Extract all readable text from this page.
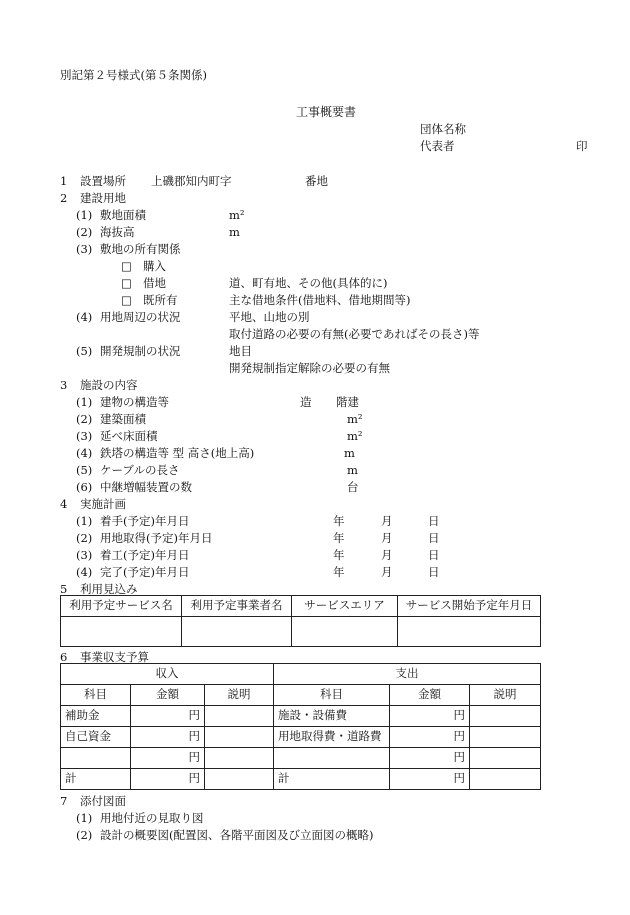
別記第２号様式(第５条関係)
工事概要書
団体名称
代表者	印
1 設置場所 上磯郡知内町字	番地
2 建設用地
(1) 敷地面積	m²
(2) 海抜高	m
(3) 敷地の所有関係
□ 購入
□ 借地	道、町有地、その他(具体的に)
□ 既所有	主な借地条件(借地料、借地期間等)
(4) 用地周辺の状況	平地、山地の別
取付道路の必要の有無(必要であればその長さ)等
(5) 開発規制の状況	地目
開発規制指定解除の必要の有無
3 施設の内容
(1) 建物の構造等	造 階建
(2) 建築面積	m²
(3) 延べ床面積	m²
(4) 鉄塔の構造等 型 高さ(地上高)	m
(5) ケーブルの長さ	m
(6) 中継増幅装置の数	台
4 実施計画
(1) 着手(予定)年月日	年	月	日
(2) 用地取得(予定)年月日	年	月	日
(3) 着工(予定)年月日	年	月	日
(4) 完了(予定)年月日	年	月	日
5 利用見込み
利用予定サービス名	利用予定事業者名	サービスエリア	サービス開始予定年月日

6 事業収支予算
収入			支出		
科目	金額	説明	科目	金額	説明
補助金	円		施設・設備費	円	
自己資金	円		用地取得費・道路費	円	
	円			円	
計	円		計	円	
7 添付図面
(1) 用地付近の見取り図
(2) 設計の概要図(配置図、各階平面図及び立面図の概略)
